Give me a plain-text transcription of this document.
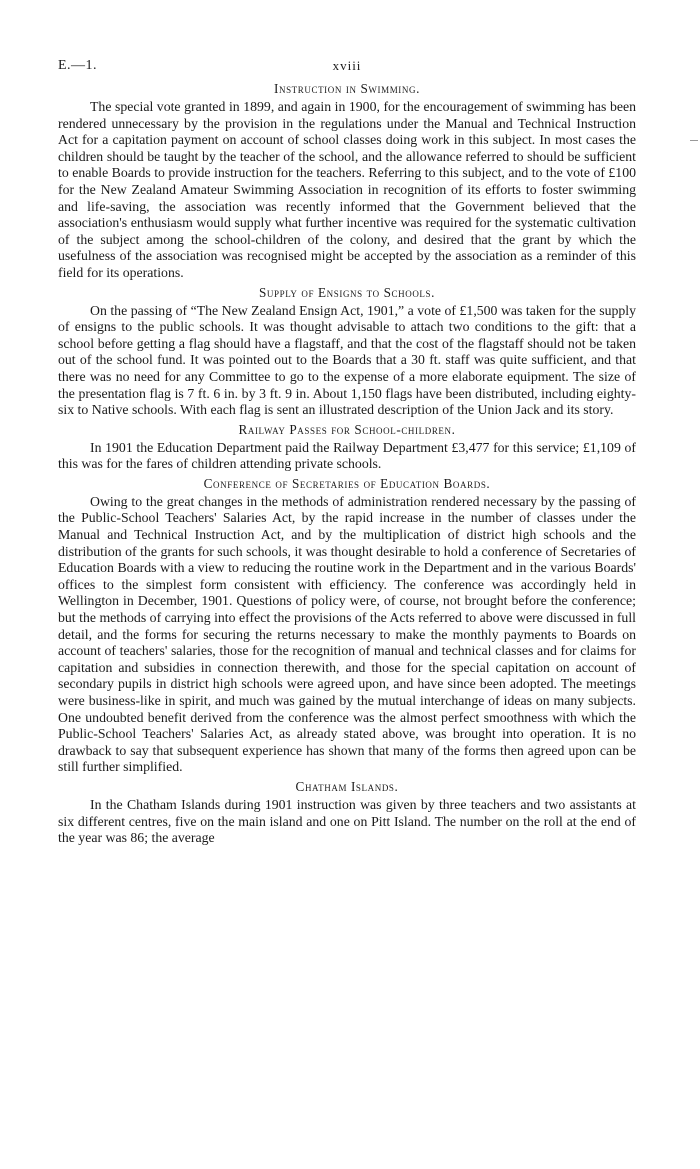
E.—1.	xviii
Instruction in Swimming.

The special vote granted in 1899, and again in 1900, for the encouragement of swimming has been rendered unnecessary by the provision in the regulations under the Manual and Technical Instruction Act for a capitation payment on account of school classes doing work in this subject. In most cases the children should be taught by the teacher of the school, and the allowance referred to should be sufficient to enable Boards to provide instruction for the teachers. Referring to this subject, and to the vote of £100 for the New Zealand Amateur Swimming Association in recognition of its efforts to foster swimming and life-saving, the association was recently informed that the Government believed that the association's enthusiasm would supply what further incentive was required for the systematic cultivation of the subject among the school-children of the colony, and desired that the grant by which the usefulness of the association was recognised might be accepted by the association as a reminder of this field for its operations.

Supply of Ensigns to Schools.

On the passing of “The New Zealand Ensign Act, 1901,” a vote of £1,500 was taken for the supply of ensigns to the public schools. It was thought advisable to attach two conditions to the gift: that a school before getting a flag should have a flagstaff, and that the cost of the flagstaff should not be taken out of the school fund. It was pointed out to the Boards that a 30 ft. staff was quite sufficient, and that there was no need for any Committee to go to the expense of a more elaborate equipment. The size of the presentation flag is 7 ft. 6 in. by 3 ft. 9 in. About 1,150 flags have been distributed, including eighty-six to Native schools. With each flag is sent an illustrated description of the Union Jack and its story.

Railway Passes for School-children.

In 1901 the Education Department paid the Railway Department £3,477 for this service; £1,109 of this was for the fares of children attending private schools.

Conference of Secretaries of Education Boards.

Owing to the great changes in the methods of administration rendered necessary by the passing of the Public-School Teachers' Salaries Act, by the rapid increase in the number of classes under the Manual and Technical Instruction Act, and by the multiplication of district high schools and the distribution of the grants for such schools, it was thought desirable to hold a conference of Secretaries of Education Boards with a view to reducing the routine work in the Department and in the various Boards' offices to the simplest form consistent with efficiency. The conference was accordingly held in Wellington in December, 1901. Questions of policy were, of course, not brought before the conference; but the methods of carrying into effect the provisions of the Acts referred to above were discussed in full detail, and the forms for securing the returns necessary to make the monthly payments to Boards on account of teachers' salaries, those for the recognition of manual and technical classes and for claims for capitation and subsidies in connection therewith, and those for the special capitation on account of secondary pupils in district high schools were agreed upon, and have since been adopted. The meetings were business-like in spirit, and much was gained by the mutual interchange of ideas on many subjects. One undoubted benefit derived from the conference was the almost perfect smoothness with which the Public-School Teachers' Salaries Act, as already stated above, was brought into operation. It is no drawback to say that subsequent experience has shown that many of the forms then agreed upon can be still further simplified.

Chatham Islands.

In the Chatham Islands during 1901 instruction was given by three teachers and two assistants at six different centres, five on the main island and one on Pitt Island. The number on the roll at the end of the year was 86; the average
